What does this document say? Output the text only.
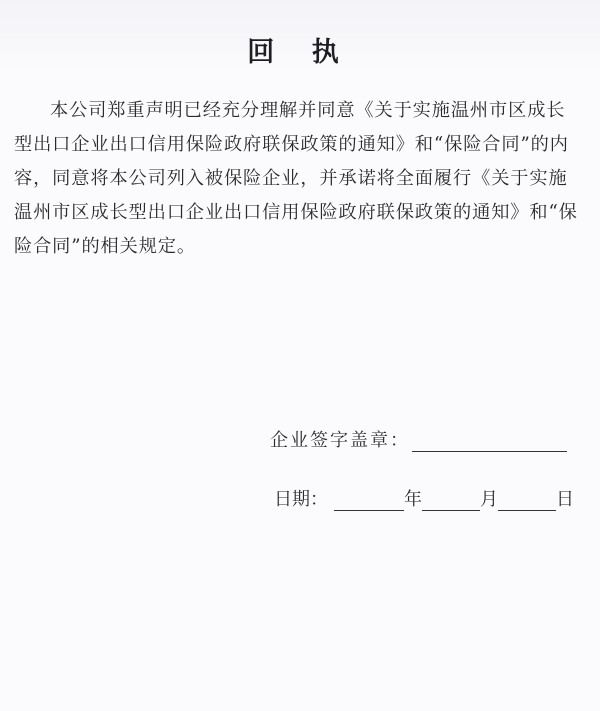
回 执

本公司郑重声明已经充分理解并同意《关于实施温州市区成长型出口企业出口信用保险政府联保政策的通知》和“保险合同”的内容，同意将本公司列入被保险企业，并承诺将全面履行《关于实施温州市区成长型出口企业出口信用保险政府联保政策的通知》和“保险合同”的相关规定。

企业签字盖章：
日期：	年	月	日
